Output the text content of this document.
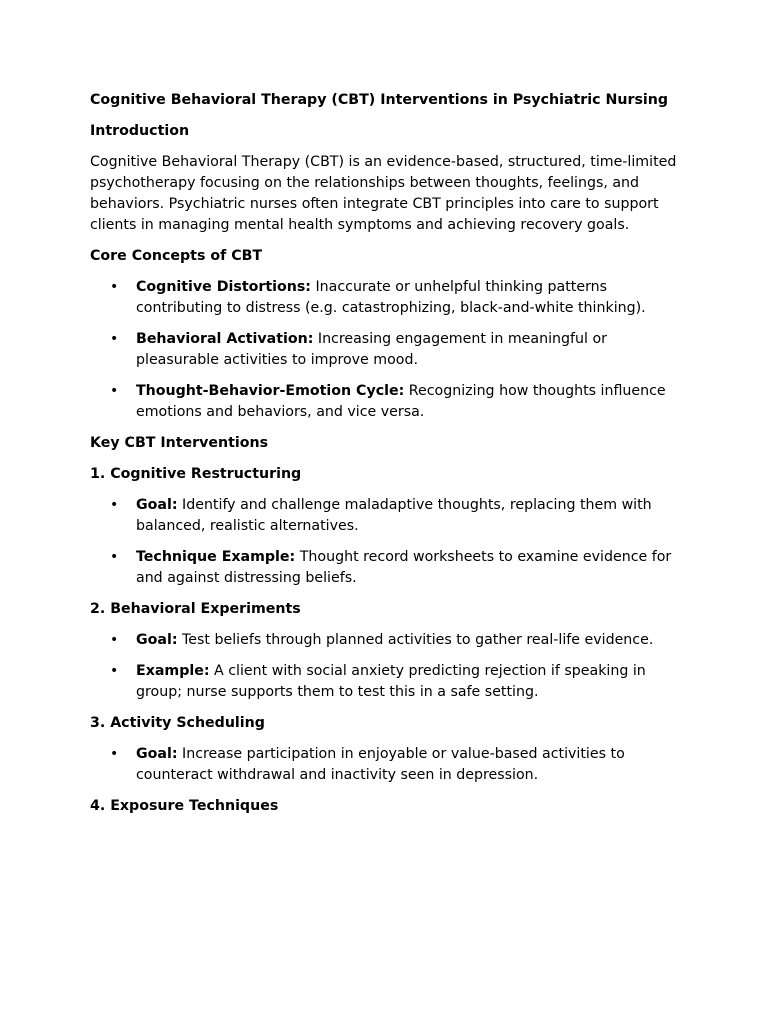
Cognitive Behavioral Therapy (CBT) Interventions in Psychiatric Nursing
Introduction

Cognitive Behavioral Therapy (CBT) is an evidence-based, structured, time-limited psychotherapy focusing on the relationships between thoughts, feelings, and behaviors. Psychiatric nurses often integrate CBT principles into care to support clients in managing mental health symptoms and achieving recovery goals.

Core Concepts of CBT
• Cognitive Distortions: Inaccurate or unhelpful thinking patterns contributing to distress (e.g. catastrophizing, black-and-white thinking).
• Behavioral Activation: Increasing engagement in meaningful or pleasurable activities to improve mood.
• Thought-Behavior-Emotion Cycle: Recognizing how thoughts influence emotions and behaviors, and vice versa.
Key CBT Interventions
1. Cognitive Restructuring
• Goal: Identify and challenge maladaptive thoughts, replacing them with balanced, realistic alternatives.
• Technique Example: Thought record worksheets to examine evidence for and against distressing beliefs.
2. Behavioral Experiments
• Goal: Test beliefs through planned activities to gather real-life evidence.
• Example: A client with social anxiety predicting rejection if speaking in group; nurse supports them to test this in a safe setting.
3. Activity Scheduling
• Goal: Increase participation in enjoyable or value-based activities to counteract withdrawal and inactivity seen in depression.
4. Exposure Techniques
